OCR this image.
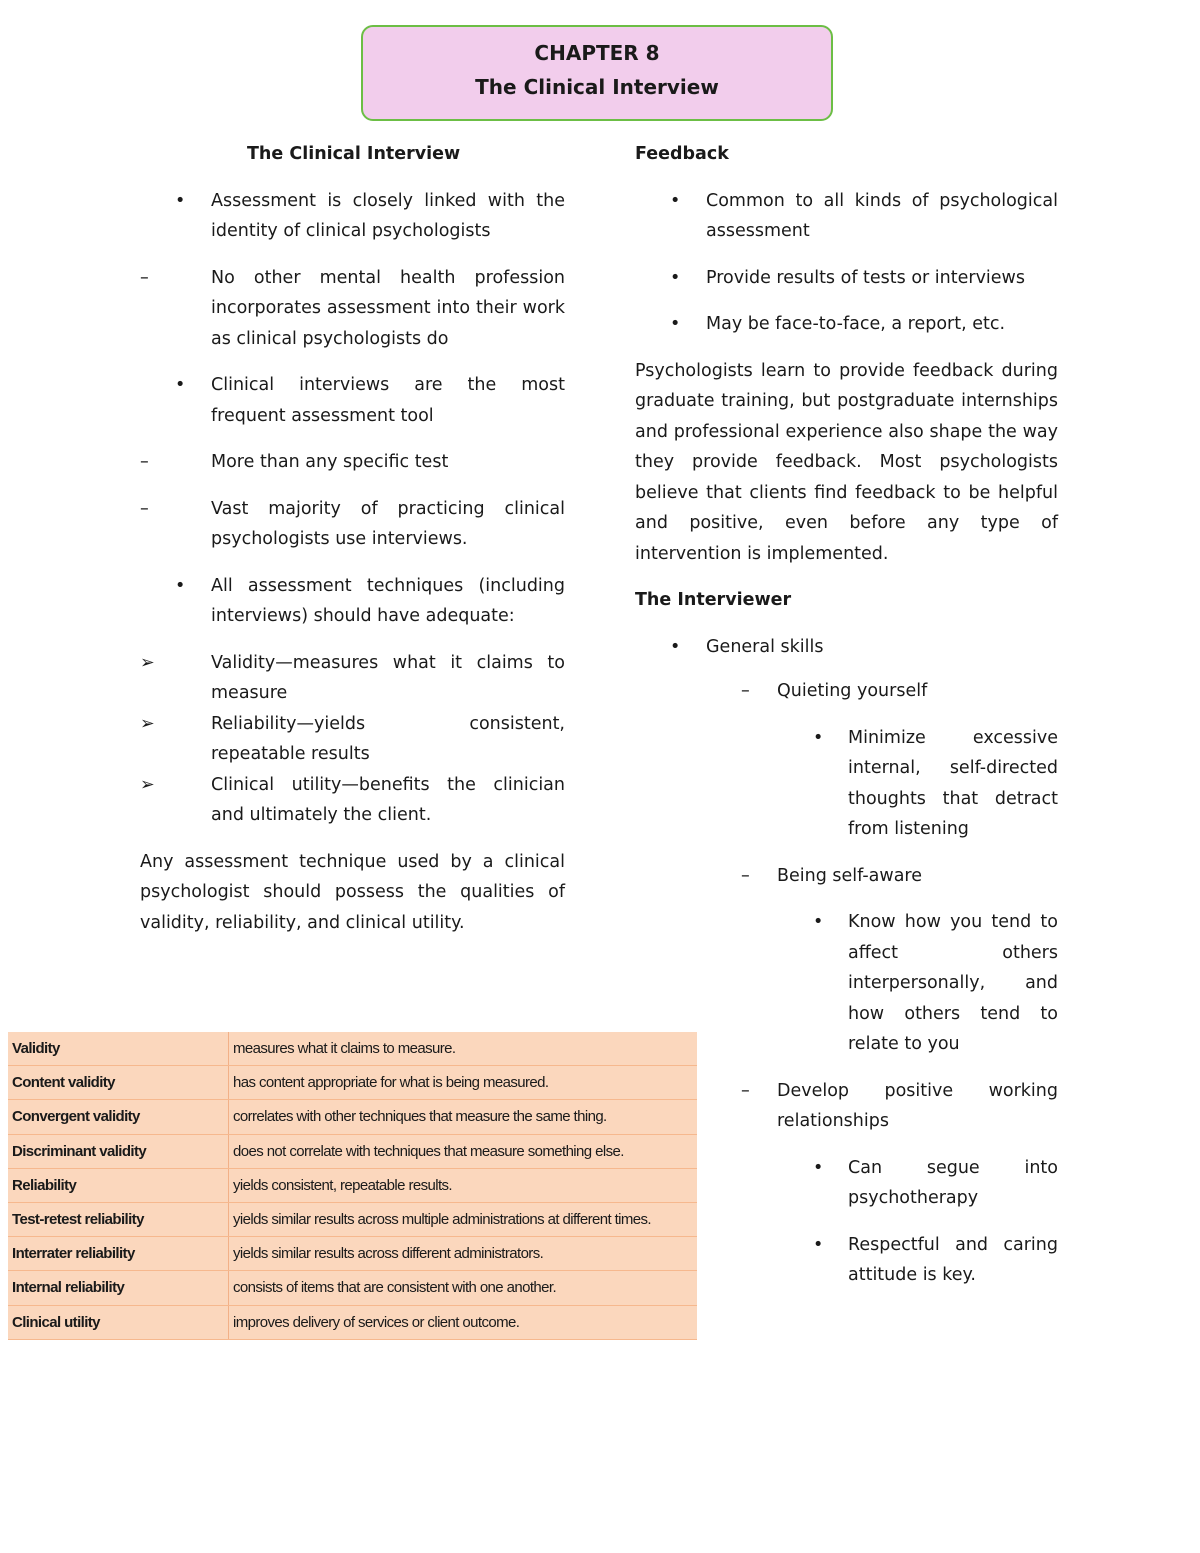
CHAPTER 8
The Clinical Interview
The Clinical Interview
• Assessment is closely linked with the identity of clinical psychologists
–	No other mental health profession incorporates assessment into their work as clinical psychologists do
• Clinical interviews are the most frequent assessment tool
–	More than any specific test
–	Vast majority of practicing clinical psychologists use interviews.
• All assessment techniques (including interviews) should have adequate:
➢	Validity—measures what it claims to measure
➢	Reliability—yields consistent, repeatable results
➢	Clinical utility—benefits the clinician and ultimately the client.

Any assessment technique used by a clinical psychologist should possess the qualities of validity, reliability, and clinical utility.

Feedback
• Common to all kinds of psychological assessment
• Provide results of tests or interviews
• May be face-to-face, a report, etc.

Psychologists learn to provide feedback during graduate training, but postgraduate internships and professional experience also shape the way they provide feedback. Most psychologists believe that clients find feedback to be helpful and positive, even before any type of intervention is implemented.

The Interviewer
• General skills
– Quieting yourself
• Minimize excessive internal, self-directed thoughts that detract from listening
– Being self-aware
• Know how you tend to affect others interpersonally, and how others tend to relate to you
– Develop positive working relationships
• Can segue into psychotherapy
• Respectful and caring attitude is key.
Validity	measures what it claims to measure.
Content validity	has content appropriate for what is being measured.
Convergent validity	correlates with other techniques that measure the same thing.
Discriminant validity	does not correlate with techniques that measure something else.
Reliability	yields consistent, repeatable results.
Test-retest reliability	yields similar results across multiple administrations at different times.
Interrater reliability	yields similar results across different administrators.
Internal reliability	consists of items that are consistent with one another.
Clinical utility	improves delivery of services or client outcome.
